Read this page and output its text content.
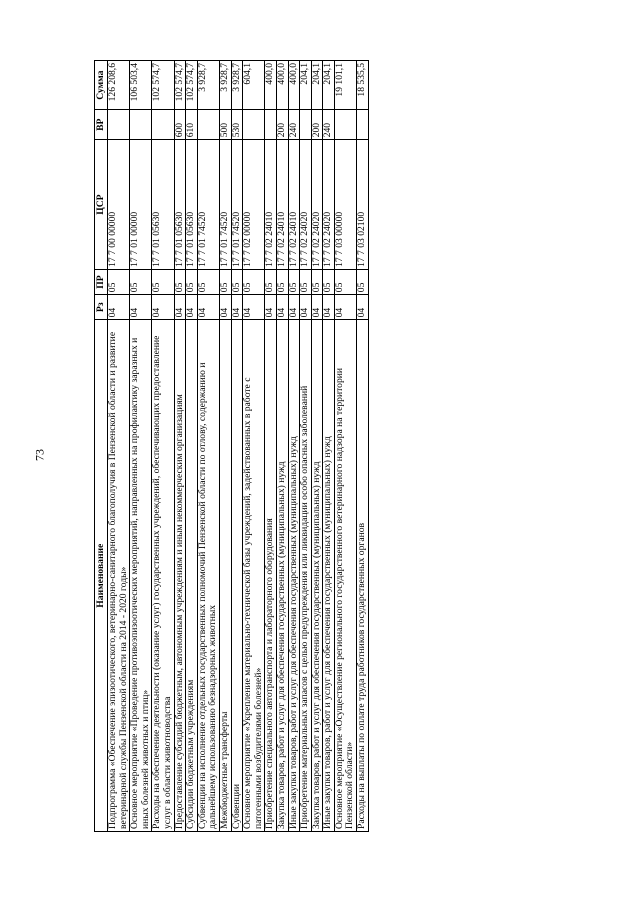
73
Наименование	Рз	ПР	ЦСР	ВР	Сумма
Подпрограмма «Обеспечение эпизоотического, ветеринарно-санитарного благополучия в Пензенской области и развитие ветеринарной службы Пензенской области на 2014 - 2020 годы»	04	05	17 7 00 00000		126 208,6
Основное мероприятие «Проведение противоэпизоотических мероприятий, направленных на профилактику заразных и иных болезней животных и птиц»	04	05	17 7 01 00000		106 503,4
Расходы на обеспечение деятельности (оказание услуг) государственных учреждений, обеспечивающих предоставление услуг в области животноводства	04	05	17 7 01 05630		102 574,7
Предоставление субсидий бюджетным, автономным учреждениям и иным некоммерческим организациям	04	05	17 7 01 05630	600	102 574,7
Субсидии бюджетным учреждениям	04	05	17 7 01 05630	610	102 574,7
Субвенции на исполнение отдельных государственных полномочий Пензенской области по отлову, содержанию и дальнейшему использованию безнадзорных животных	04	05	17 7 01 74520		3 928,7
Межбюджетные трансферты	04	05	17 7 01 74520	500	3 928,7
Субвенции	04	05	17 7 01 74520	530	3 928,7
Основное мероприятие «Укрепление материально-технической базы учреждений, задействованных в работе с патогенными возбудителями болезней»	04	05	17 7 02 00000		604,1
Приобретение специального автотранспорта и лабораторного оборудования	04	05	17 7 02 24010		400,0
Закупка товаров, работ и услуг для обеспечения государственных (муниципальных) нужд	04	05	17 7 02 24010	200	400,0
Иные закупки товаров, работ и услуг для обеспечения государственных (муниципальных) нужд	04	05	17 7 02 24010	240	400,0
Приобретение материальных запасов с целью предупреждения или ликвидации особо опасных заболеваний	04	05	17 7 02 24020		204,1
Закупка товаров, работ и услуг для обеспечения государственных (муниципальных) нужд	04	05	17 7 02 24020	200	204,1
Иные закупки товаров, работ и услуг для обеспечения государственных (муниципальных) нужд	04	05	17 7 02 24020	240	204,1
Основное мероприятие «Осуществление регионального государственного ветеринарного надзора на территории Пензенской области»	04	05	17 7 03 00000		19 101,1
Расходы на выплаты по оплате труда работников государственных органов	04	05	17 7 03 02100		18 535,5
